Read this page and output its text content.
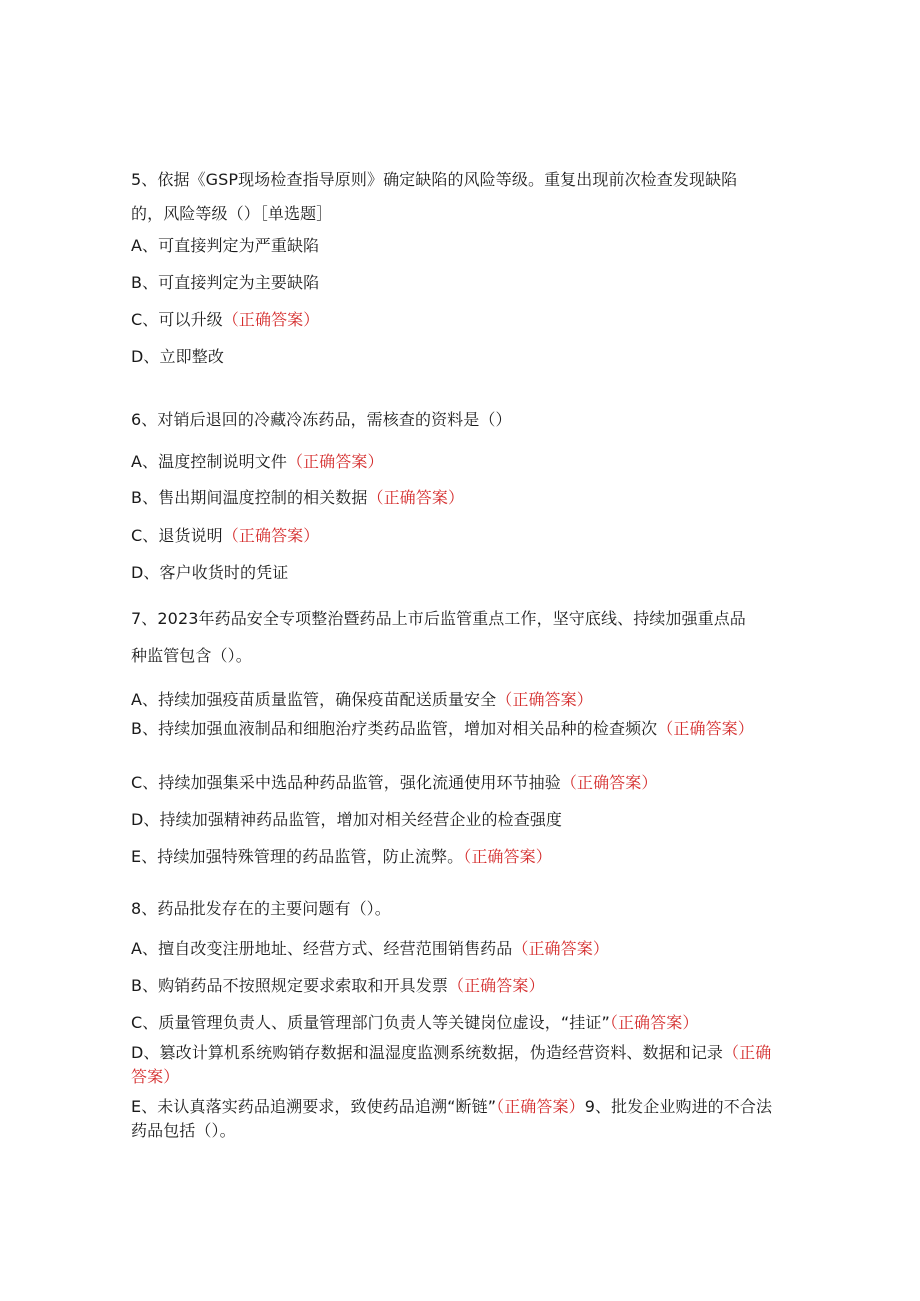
5、依据《GSP现场检查指导原则》确定缺陷的风险等级。重复出现前次检查发现缺陷
的，风险等级（）［单选题］
A、可直接判定为严重缺陷
B、可直接判定为主要缺陷
C、可以升级（正确答案）
D、立即整改
6、对销后退回的冷藏冷冻药品，需核查的资料是（）
A、温度控制说明文件（正确答案）
B、售出期间温度控制的相关数据（正确答案）
C、退货说明（正确答案）
D、客户收货时的凭证
7、2023年药品安全专项整治暨药品上市后监管重点工作，坚守底线、持续加强重点品
种监管包含（）。
A、持续加强疫苗质量监管，确保疫苗配送质量安全（正确答案）
B、持续加强血液制品和细胞治疗类药品监管，增加对相关品种的检查频次（正确答案）
C、持续加强集采中选品种药品监管，强化流通使用环节抽验（正确答案）
D、持续加强精神药品监管，增加对相关经营企业的检查强度
E、持续加强特殊管理的药品监管，防止流弊。（正确答案）
8、药品批发存在的主要问题有（）。
A、擅自改变注册地址、经营方式、经营范围销售药品（正确答案）
B、购销药品不按照规定要求索取和开具发票（正确答案）
C、质量管理负责人、质量管理部门负责人等关键岗位虚设，“挂证”（正确答案）
D、篡改计算机系统购销存数据和温湿度监测系统数据，伪造经营资料、数据和记录（正确答案）
E、未认真落实药品追溯要求，致使药品追溯“断链”（正确答案）9、批发企业购进的不合法药品包括（）。
